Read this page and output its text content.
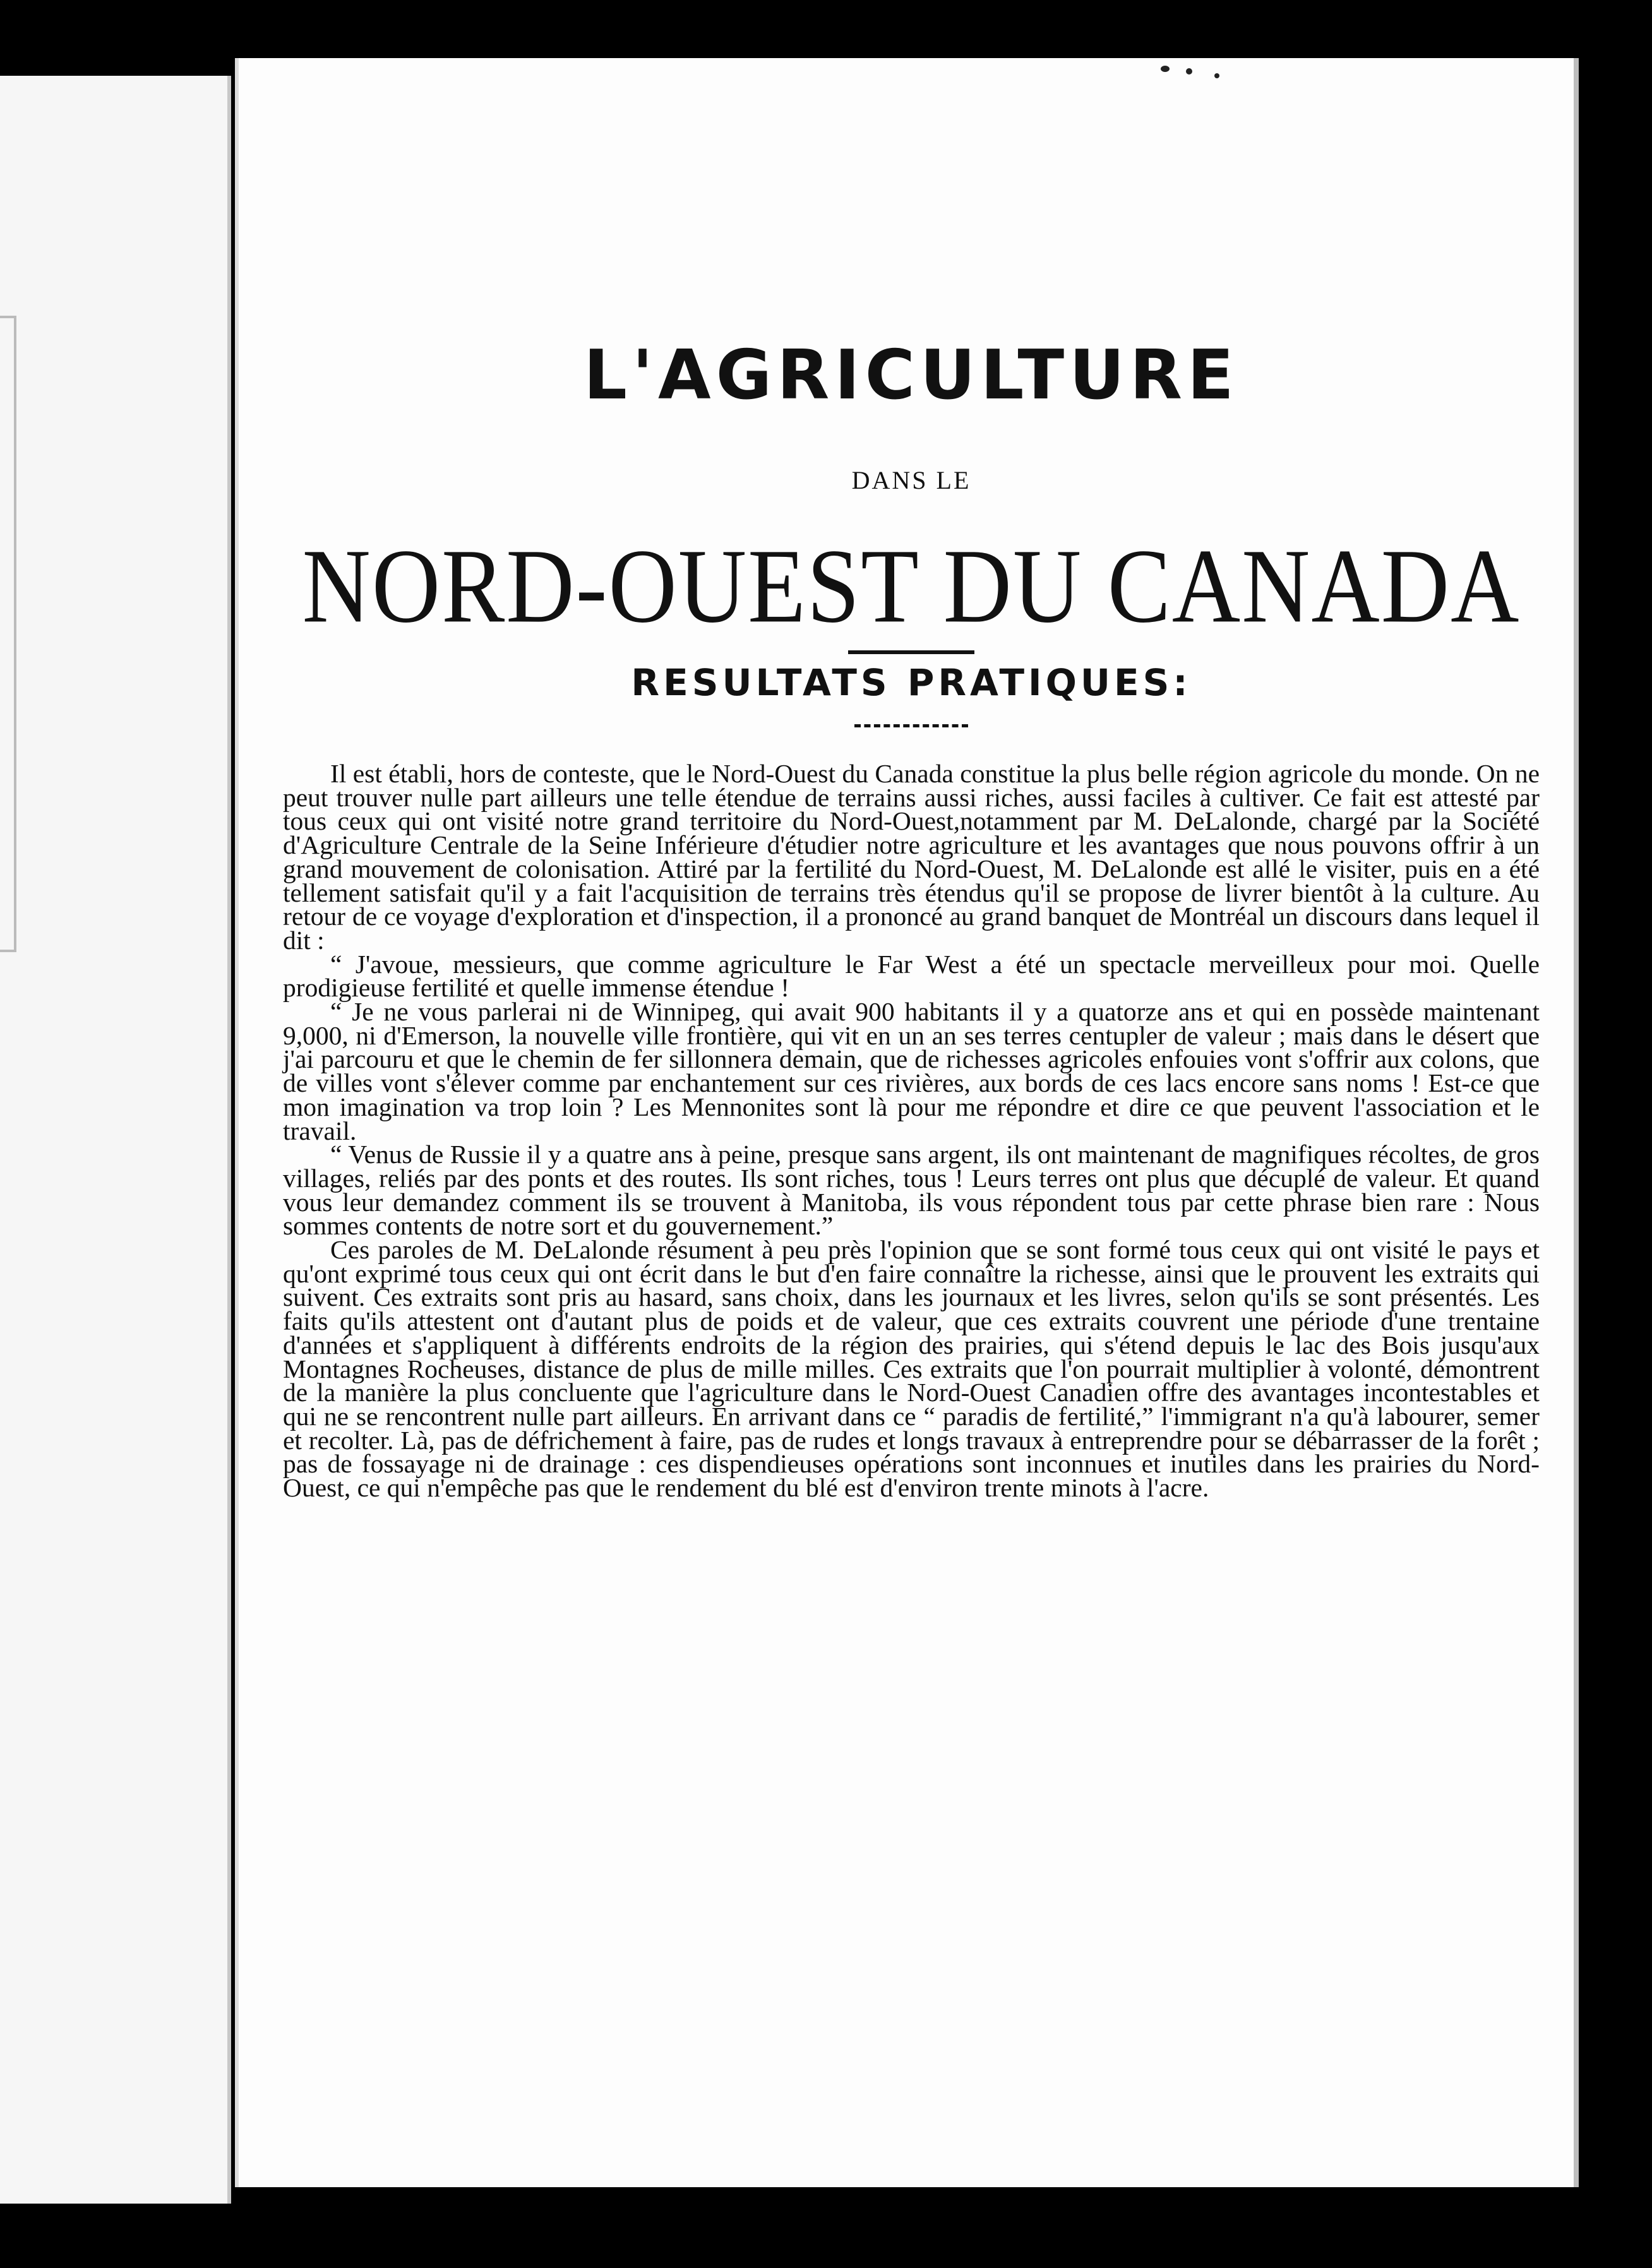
L'AGRICULTURE
DANS LE
NORD-OUEST DU CANADA
RESULTATS PRATIQUES:

Il est établi, hors de conteste, que le Nord-Ouest du Canada constitue la plus belle région agricole du monde. On ne peut trouver nulle part ailleurs une telle étendue de terrains aussi riches, aussi faciles à cultiver. Ce fait est attesté par tous ceux qui ont visité notre grand territoire du Nord-Ouest,notamment par M. DeLalonde, chargé par la Société d'Agriculture Centrale de la Seine Inférieure d'étudier notre agriculture et les avantages que nous pouvons offrir à un grand mouvement de colonisation. Attiré par la fertilité du Nord-Ouest, M. DeLalonde est allé le visiter, puis en a été tellement satisfait qu'il y a fait l'acquisition de terrains très étendus qu'il se propose de livrer bientôt à la culture. Au retour de ce voyage d'exploration et d'inspection, il a prononcé au grand banquet de Montréal un discours dans lequel il dit :

“ J'avoue, messieurs, que comme agriculture le Far West a été un spectacle merveilleux pour moi. Quelle prodigieuse fertilité et quelle immense étendue !

“ Je ne vous parlerai ni de Winnipeg, qui avait 900 habitants il y a quatorze ans et qui en possède maintenant 9,000, ni d'Emerson, la nouvelle ville frontière, qui vit en un an ses terres centupler de valeur ; mais dans le désert que j'ai parcouru et que le chemin de fer sillonnera demain, que de richesses agricoles enfouies vont s'offrir aux colons, que de villes vont s'élever comme par enchantement sur ces rivières, aux bords de ces lacs encore sans noms ! Est-ce que mon imagination va trop loin ? Les Mennonites sont là pour me répondre et dire ce que peuvent l'association et le travail.

“ Venus de Russie il y a quatre ans à peine, presque sans argent, ils ont maintenant de magnifiques récoltes, de gros villages, reliés par des ponts et des routes. Ils sont riches, tous ! Leurs terres ont plus que décuplé de valeur. Et quand vous leur demandez comment ils se trouvent à Manitoba, ils vous répondent tous par cette phrase bien rare : Nous sommes contents de notre sort et du gouvernement.”

Ces paroles de M. DeLalonde résument à peu près l'opinion que se sont formé tous ceux qui ont visité le pays et qu'ont exprimé tous ceux qui ont écrit dans le but d'en faire connaître la richesse, ainsi que le prouvent les extraits qui suivent. Ces extraits sont pris au hasard, sans choix, dans les journaux et les livres, selon qu'ils se sont présentés. Les faits qu'ils attestent ont d'autant plus de poids et de valeur, que ces extraits couvrent une période d'une trentaine d'années et s'appliquent à différents endroits de la région des prairies, qui s'étend depuis le lac des Bois jusqu'aux Montagnes Rocheuses, distance de plus de mille milles. Ces extraits que l'on pourrait multiplier à volonté, démontrent de la manière la plus concluente que l'agriculture dans le Nord-Ouest Canadien offre des avantages incontestables et qui ne se rencontrent nulle part ailleurs. En arrivant dans ce “ paradis de fertilité,” l'immigrant n'a qu'à labourer, semer et recolter. Là, pas de défrichement à faire, pas de rudes et longs travaux à entreprendre pour se débarrasser de la forêt ; pas de fossayage ni de drainage : ces dispendieuses opérations sont inconnues et inutiles dans les prairies du Nord-Ouest, ce qui n'empêche pas que le rendement du blé est d'environ trente minots à l'acre.
